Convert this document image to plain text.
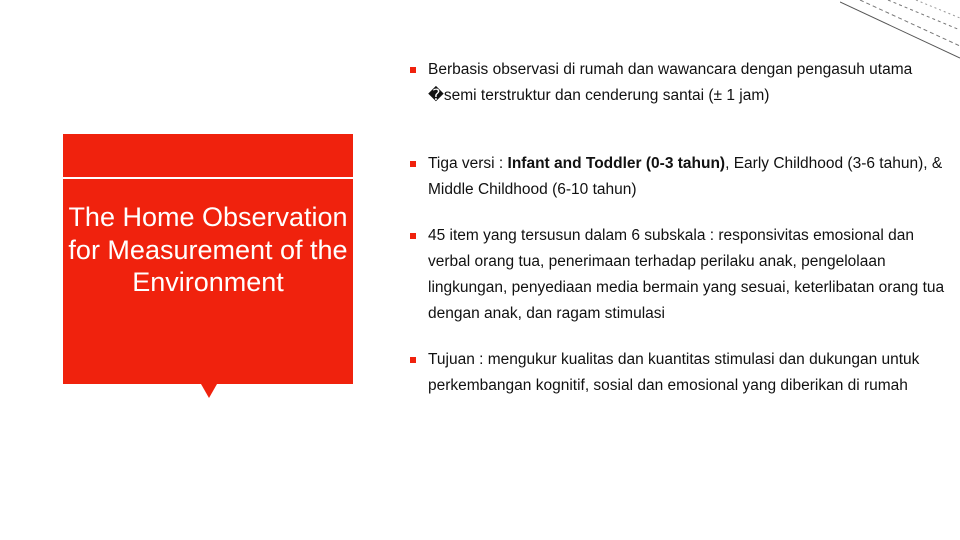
The Home Observation for Measurement of the Environment
Berbasis observasi di rumah dan wawancara dengan pengasuh utama �semi terstruktur dan cenderung santai (± 1 jam)
Tiga versi : Infant and Toddler (0-3 tahun), Early Childhood (3-6 tahun), & Middle Childhood (6-10 tahun)
45 item yang tersusun dalam 6 subskala : responsivitas emosional dan verbal orang tua, penerimaan terhadap perilaku anak, pengelolaan lingkungan, penyediaan media bermain yang sesuai, keterlibatan orang tua dengan anak, dan ragam stimulasi
Tujuan : mengukur kualitas dan kuantitas stimulasi dan dukungan untuk perkembangan kognitif, sosial dan emosional yang diberikan di rumah
